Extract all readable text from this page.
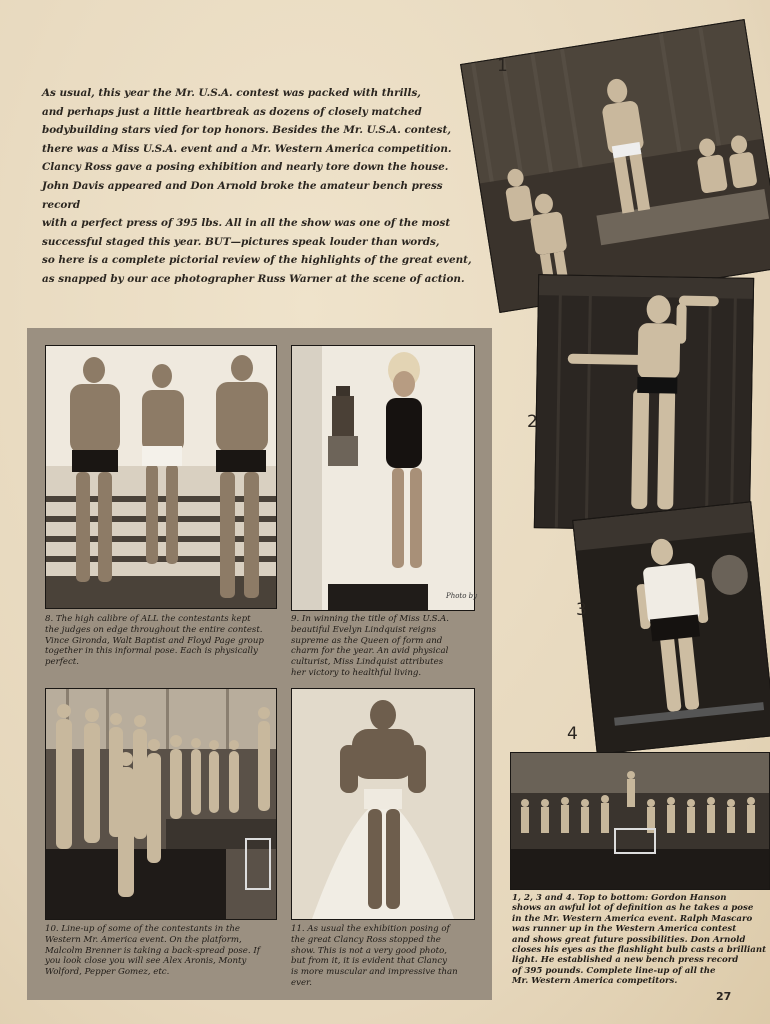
As usual, this year the Mr. U.S.A. contest was packed with thrills,
and perhaps just a little heartbreak as dozens of closely matched
bodybuilding stars vied for top honors. Besides the Mr. U.S.A. contest,
there was a Miss U.S.A. event and a Mr. Western America competition.
Clancy Ross gave a posing exhibition and nearly tore down the house.
John Davis appeared and Don Arnold broke the amateur bench press record
with a perfect press of 395 lbs. All in all the show was one of the most
successful staged this year. BUT—pictures speak louder than words,
so here is a complete pictorial review of the highlights of the great event,
as snapped by our ace photographer Russ Warner at the scene of action.
1
2
3
4
8. The high calibre of ALL the contestants kept
the judges on edge throughout the entire contest.
Vince Gironda, Walt Baptist and Floyd Page group
together in this informal pose. Each is physically
perfect.
Photo by
9. In winning the title of Miss U.S.A.
beautiful Evelyn Lindquist reigns
supreme as the Queen of form and
charm for the year. An avid physical
culturist, Miss Lindquist attributes
her victory to healthful living.
10. Line-up of some of the contestants in the
Western Mr. America event. On the platform,
Malcolm Brenner is taking a back-spread pose. If
you look close you will see Alex Aronis, Monty
Wolford, Pepper Gomez, etc.
11. As usual the exhibition posing of
the great Clancy Ross stopped the
show. This is not a very good photo,
but from it, it is evident that Clancy
is more muscular and impressive than
ever.
1, 2, 3 and 4. Top to bottom: Gordon Hanson
shows an awful lot of definition as he takes a pose
in the Mr. Western America event. Ralph Mascaro
was runner up in the Western America contest
and shows great future possibilities. Don Arnold
closes his eyes as the flashlight bulb casts a brilliant
light. He established a new bench press record
of 395 pounds. Complete line-up of all the
Mr. Western America competitors.
27
